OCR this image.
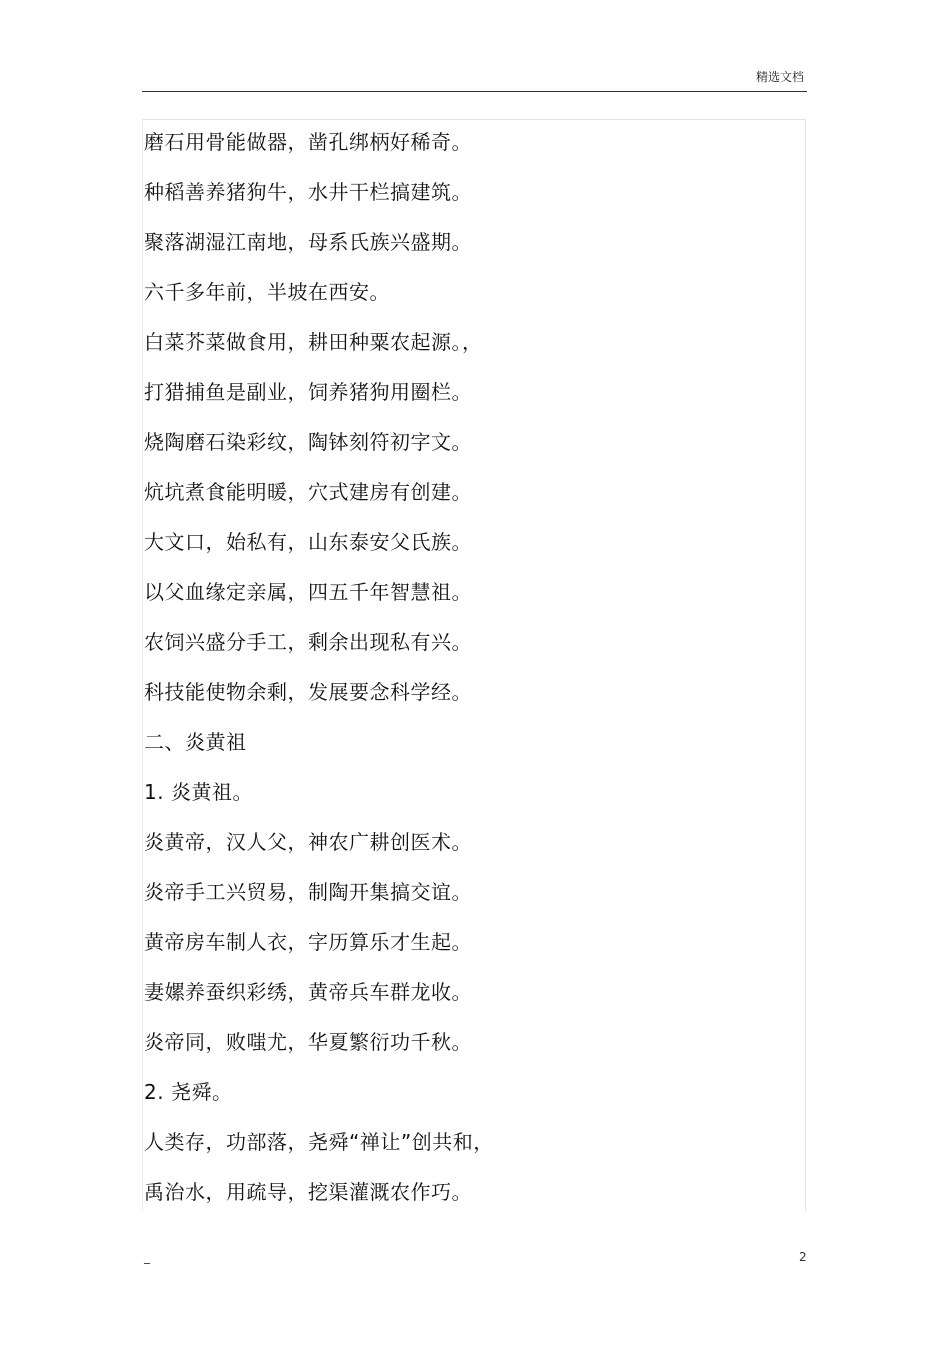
精选文档
磨石用骨能做器，凿孔绑柄好稀奇。
种稻善养猪狗牛，水井干栏搞建筑。
聚落湖湿江南地，母系氏族兴盛期。
六千多年前，半坡在西安。
白菜芥菜做食用，耕田种粟农起源。，
打猎捕鱼是副业，饲养猪狗用圈栏。
烧陶磨石染彩纹，陶钵刻符初字文。
炕坑煮食能明暖，穴式建房有创建。
大文口，始私有，山东泰安父氏族。
以父血缘定亲属，四五千年智慧祖。
农饲兴盛分手工，剩余出现私有兴。
科技能使物余剩，发展要念科学经。
二、炎黄祖
1. 炎黄祖。
炎黄帝，汉人父，神农广耕创医术。
炎帝手工兴贸易，制陶开集搞交谊。
黄帝房车制人衣，字历算乐才生起。
妻嫘养蚕织彩绣，黄帝兵车群龙收。
炎帝同，败嗤尤，华夏繁衍功千秋。
2. 尧舜。
人类存，功部落，尧舜“禅让”创共和，
禹治水，用疏导，挖渠灌溉农作巧。
_	2
